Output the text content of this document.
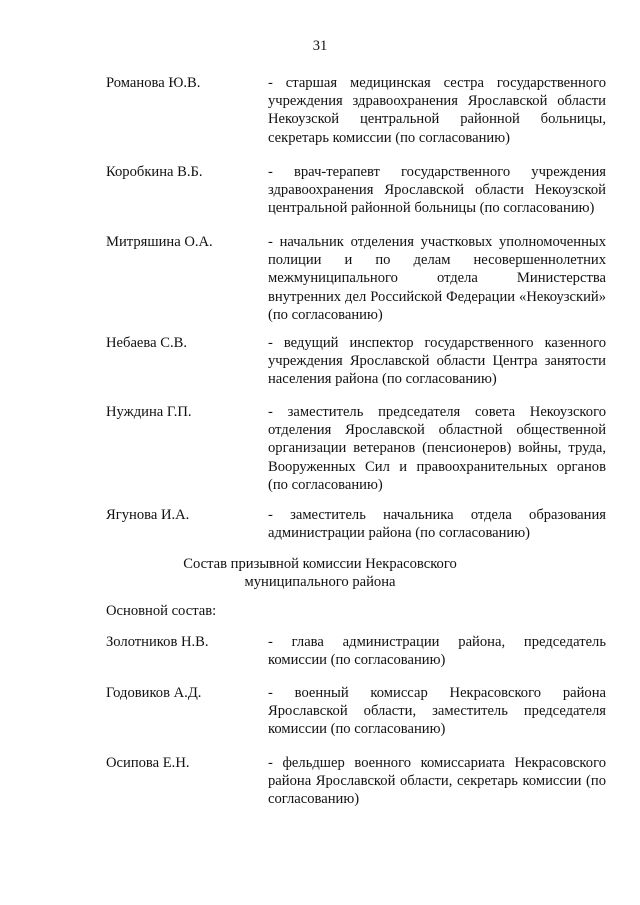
31
Романова Ю.В.	- старшая медицинская сестра государственного учреждения здравоохранения Ярославской области Некоузской центральной районной больницы, секретарь комиссии (по согласованию)
Коробкина В.Б.	- врач-терапевт государственного учреждения здравоохранения Ярославской области Некоузской центральной районной больницы (по согласованию)
Митряшина О.А.	- начальник отделения участковых уполномоченных полиции и по делам несовершеннолетних межмуниципального отдела Министерства внутренних дел Российской Федерации «Некоузский» (по согласованию)
Небаева С.В.	- ведущий инспектор государственного казенного учреждения Ярославской области Центра занятости населения района (по согласованию)
Нуждина Г.П.	- заместитель председателя совета Некоузского отделения Ярославской областной общественной организации ветеранов (пенсионеров) войны, труда, Вооруженных Сил и правоохранительных органов (по согласованию)
Ягунова И.А.	- заместитель начальника отдела образования администрации района (по согласованию)
Состав призывной комиссии Некрасовского
муниципального района
Основной состав:
Золотников Н.В.	- глава администрации района, председатель комиссии (по согласованию)
Годовиков А.Д.	- военный комиссар Некрасовского района Ярославской области, заместитель председателя комиссии (по согласованию)
Осипова Е.Н.	- фельдшер военного комиссариата Некрасовского района Ярославской области, секретарь комиссии (по согласованию)
